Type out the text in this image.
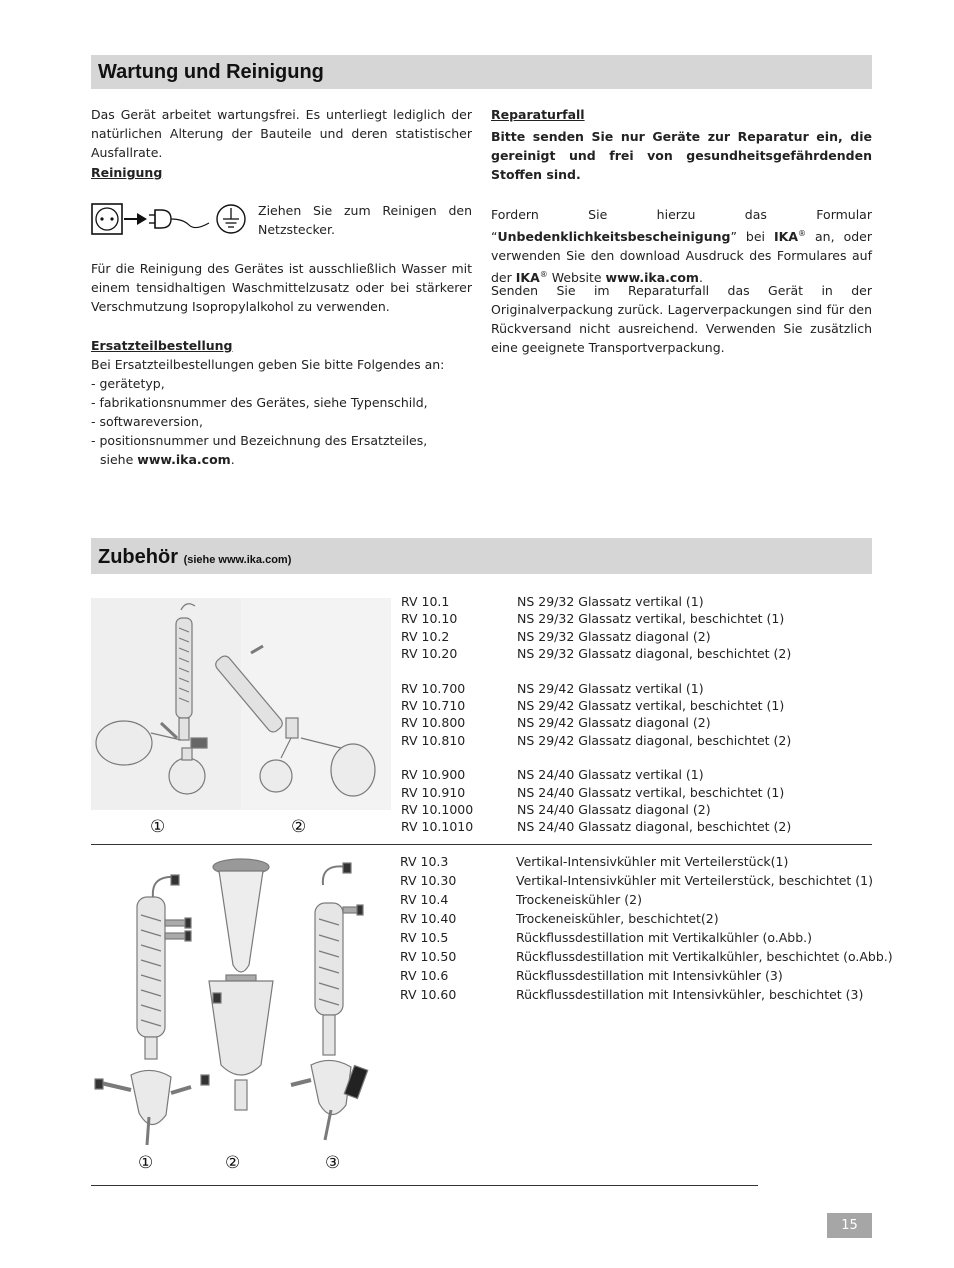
Wartung und Reinigung

Das Gerät arbeitet wartungsfrei. Es unterliegt lediglich der natürlichen Alterung der Bauteile und deren statistischer Ausfallrate.

Reinigung

Ziehen Sie zum Reinigen den Netzstecker.

Für die Reinigung des Gerätes ist ausschließlich Wasser mit einem tensidhaltigen Waschmittelzusatz oder bei stärkerer Verschmutzung Isopropylalkohol zu verwenden.

Ersatzteilbestellung

Bei Ersatzteilbestellungen geben Sie bitte Folgendes an:
- gerätetyp,
- fabrikationsnummer des Gerätes, siehe Typenschild,
- softwareversion,
- positionsnummer und Bezeichnung des Ersatzteiles,
siehe www.ika.com.

Reparaturfall

Bitte senden Sie nur Geräte zur Reparatur ein, die gereinigt und frei von gesundheitsgefährdenden Stoffen sind.

Fordern Sie hierzu das Formular “Unbedenklichkeitsbescheinigung” bei IKA® an, oder verwenden Sie den download Ausdruck des Formulares auf der IKA® Website www.ika.com.

Senden Sie im Reparaturfall das Gerät in der Originalverpackung zurück. Lagerverpackungen sind für den Rückversand nicht ausreichend. Verwenden Sie zusätzlich eine geeignete Transportverpackung.

Zubehör (siehe www.ika.com)
①	②
RV 10.1	NS 29/32 Glassatz vertikal (1)
RV 10.10	NS 29/32 Glassatz vertikal, beschichtet (1)
RV 10.2	NS 29/32 Glassatz diagonal (2)
RV 10.20	NS 29/32 Glassatz diagonal, beschichtet (2)

RV 10.700	NS 29/42 Glassatz vertikal (1)
RV 10.710	NS 29/42 Glassatz vertikal, beschichtet (1)
RV 10.800	NS 29/42 Glassatz diagonal (2)
RV 10.810	NS 29/42 Glassatz diagonal, beschichtet (2)

RV 10.900	NS 24/40 Glassatz vertikal (1)
RV 10.910	NS 24/40 Glassatz vertikal, beschichtet (1)
RV 10.1000	NS 24/40 Glassatz diagonal (2)
RV 10.1010	NS 24/40 Glassatz diagonal, beschichtet (2)
①	②	③
RV 10.3	Vertikal-Intensivkühler mit Verteilerstück(1)
RV 10.30	Vertikal-Intensivkühler mit Verteilerstück, beschichtet (1)
RV 10.4	Trockeneiskühler (2)
RV 10.40	Trockeneiskühler, beschichtet(2)
RV 10.5	Rückflussdestillation mit Vertikalkühler (o.Abb.)
RV 10.50	Rückflussdestillation mit Vertikalkühler, beschichtet (o.Abb.)
RV 10.6	Rückflussdestillation mit Intensivkühler (3)
RV 10.60	Rückflussdestillation mit Intensivkühler, beschichtet (3)
15
